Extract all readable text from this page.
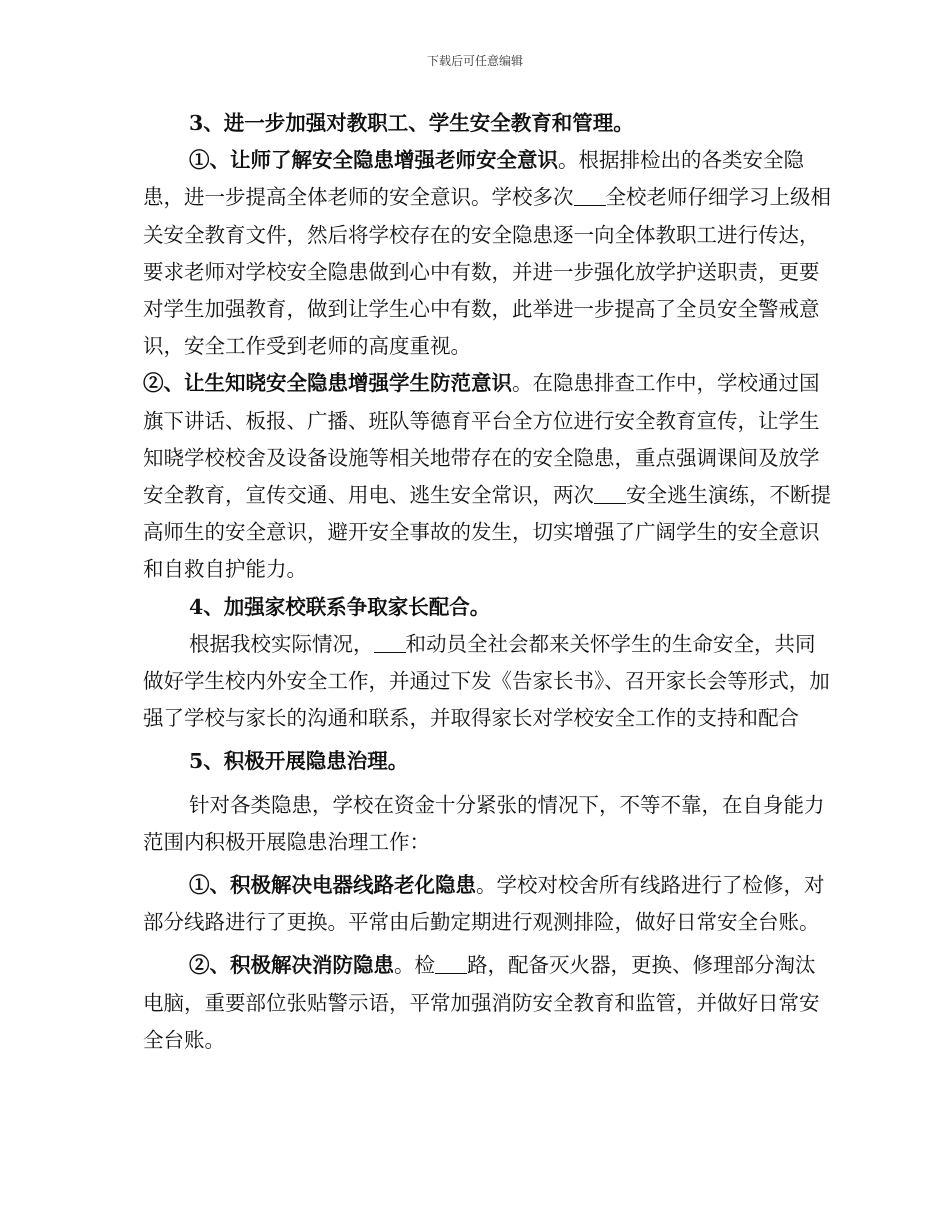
下载后可任意编辑

3、进一步加强对教职工、学生安全教育和管理。

①、让师了解安全隐患增强老师安全意识。根据排检出的各类安全隐患，进一步提高全体老师的安全意识。学校多次 全校老师仔细学习上级相关安全教育文件，然后将学校存在的安全隐患逐一向全体教职工进行传达，要求老师对学校安全隐患做到心中有数，并进一步强化放学护送职责，更要对学生加强教育，做到让学生心中有数，此举进一步提高了全员安全警戒意识，安全工作受到老师的高度重视。

②、让生知晓安全隐患增强学生防范意识。在隐患排查工作中，学校通过国旗下讲话、板报、广播、班队等德育平台全方位进行安全教育宣传，让学生知晓学校校舍及设备设施等相关地带存在的安全隐患，重点强调课间及放学安全教育，宣传交通、用电、逃生安全常识，两次 安全逃生演练，不断提高师生的安全意识，避开安全事故的发生，切实增强了广阔学生的安全意识和自救自护能力。

4、加强家校联系争取家长配合。

根据我校实际情况， 和动员全社会都来关怀学生的生命安全，共同做好学生校内外安全工作，并通过下发《告家长书》、召开家长会等形式，加强了学校与家长的沟通和联系，并取得家长对学校安全工作的支持和配合

5、积极开展隐患治理。

针对各类隐患，学校在资金十分紧张的情况下，不等不靠，在自身能力范围内积极开展隐患治理工作：

①、积极解决电器线路老化隐患。学校对校舍所有线路进行了检修，对部分线路进行了更换。平常由后勤定期进行观测排险，做好日常安全台账。

②、积极解决消防隐患。检 路，配备灭火器，更换、修理部分淘汰电脑，重要部位张贴警示语，平常加强消防安全教育和监管，并做好日常安全台账。
